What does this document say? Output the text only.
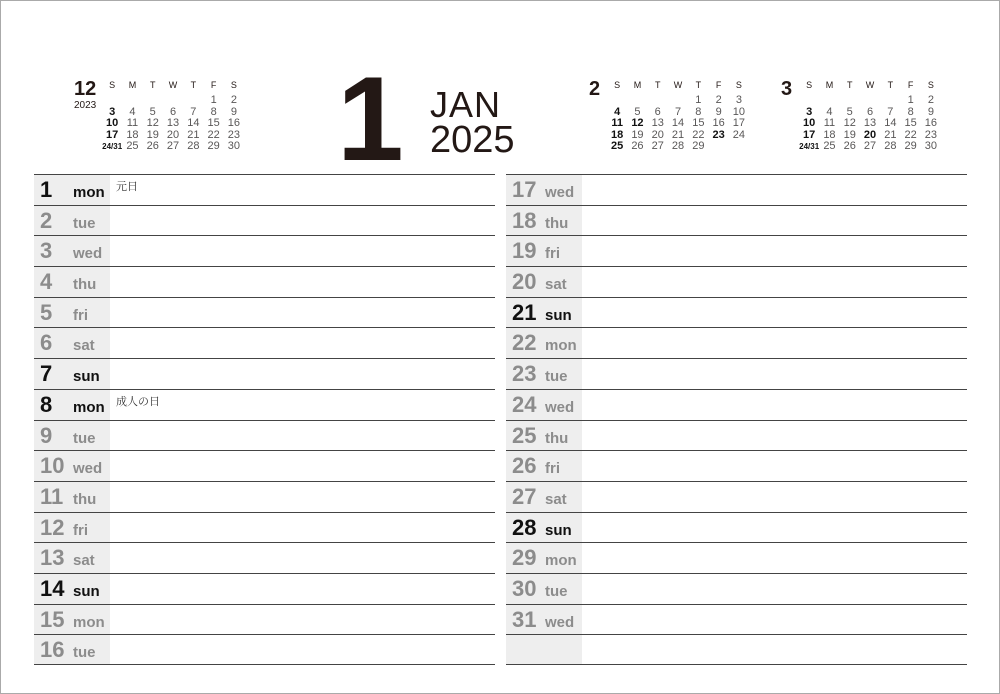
12
2023
S	M	T	W	T	F	S
					1	2
3	4	5	6	7	8	9
10	11	12	13	14	15	16
17	18	19	20	21	22	23
24/31	25	26	27	28	29	30 1 JAN
2025
2 S	M	T	W	T	F	S
				1	2	3
4	5	6	7	8	9	10
11	12	13	14	15	16	17
18	19	20	21	22	23	24
25	26	27	28	29		
3 S	M	T	W	T	F	S
					1	2
3	4	5	6	7	8	9
10	11	12	13	14	15	16
17	18	19	20	21	22	23
24/31	25	26	27	28	29	30
1 mon 元日
2 tue
3 wed
4 thu
5 fri
6 sat
7 sun
8 mon 成人の日
9 tue
10 wed
11 thu
12 fri
13 sat
14 sun
15 mon
16 tue
17 wed
18 thu
19 fri
20 sat
21 sun
22 mon
23 tue
24 wed
25 thu
26 fri
27 sat
28 sun
29 mon
30 tue
31 wed
